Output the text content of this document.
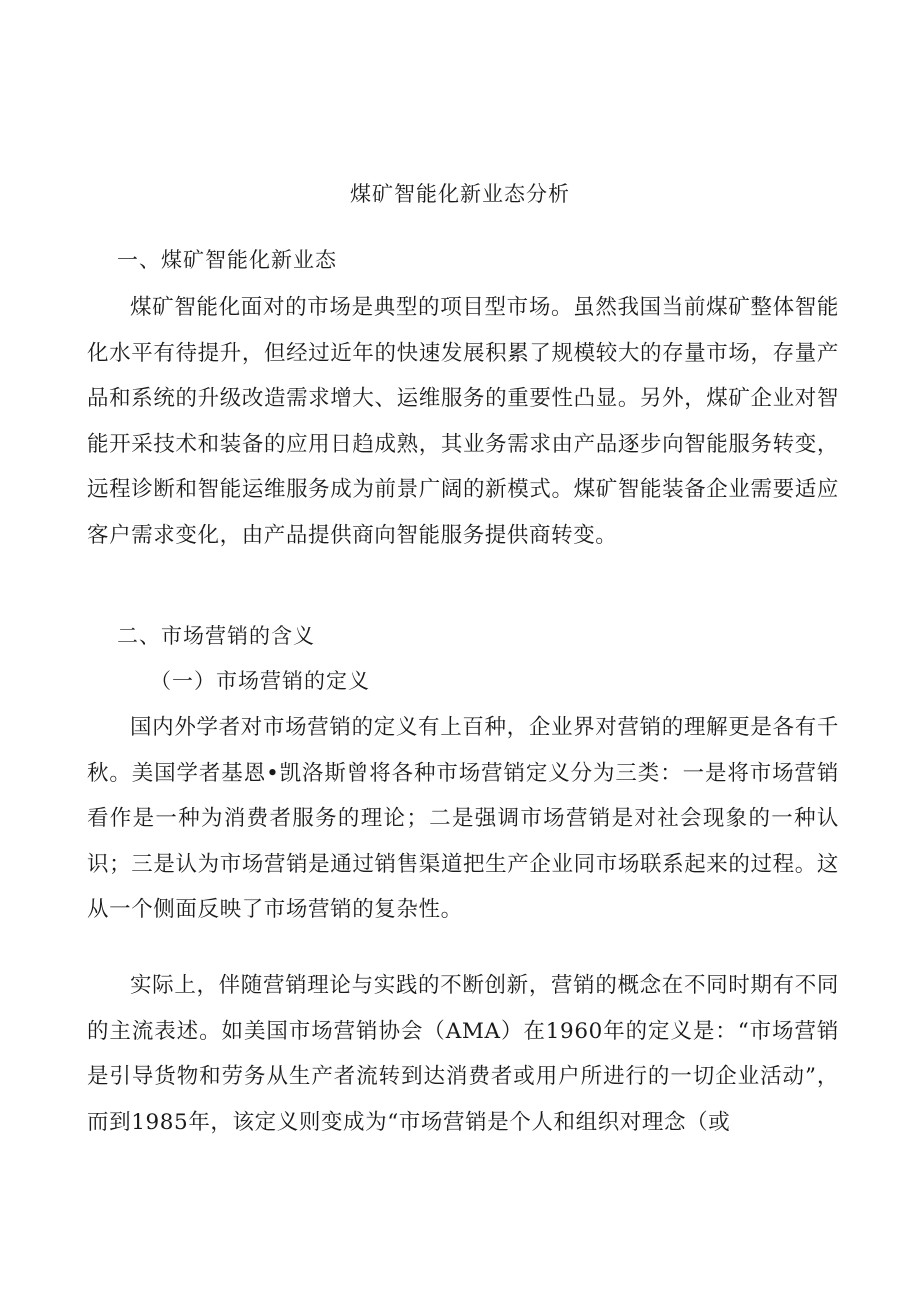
煤矿智能化新业态分析
一、煤矿智能化新业态

煤矿智能化面对的市场是典型的项目型市场。虽然我国当前煤矿整体智能化水平有待提升，但经过近年的快速发展积累了规模较大的存量市场，存量产品和系统的升级改造需求增大、运维服务的重要性凸显。另外，煤矿企业对智能开采技术和装备的应用日趋成熟，其业务需求由产品逐步向智能服务转变，远程诊断和智能运维服务成为前景广阔的新模式。煤矿智能装备企业需要适应客户需求变化，由产品提供商向智能服务提供商转变。

二、市场营销的含义
（一）市场营销的定义

国内外学者对市场营销的定义有上百种，企业界对营销的理解更是各有千秋。美国学者基恩•凯洛斯曾将各种市场营销定义分为三类：一是将市场营销看作是一种为消费者服务的理论；二是强调市场营销是对社会现象的一种认识；三是认为市场营销是通过销售渠道把生产企业同市场联系起来的过程。这从一个侧面反映了市场营销的复杂性。

实际上，伴随营销理论与实践的不断创新，营销的概念在不同时期有不同的主流表述。如美国市场营销协会（AMA）在1960年的定义是：“市场营销是引导货物和劳务从生产者流转到达消费者或用户所进行的一切企业活动”，而到1985年，该定义则变成为“市场营销是个人和组织对理念（或
